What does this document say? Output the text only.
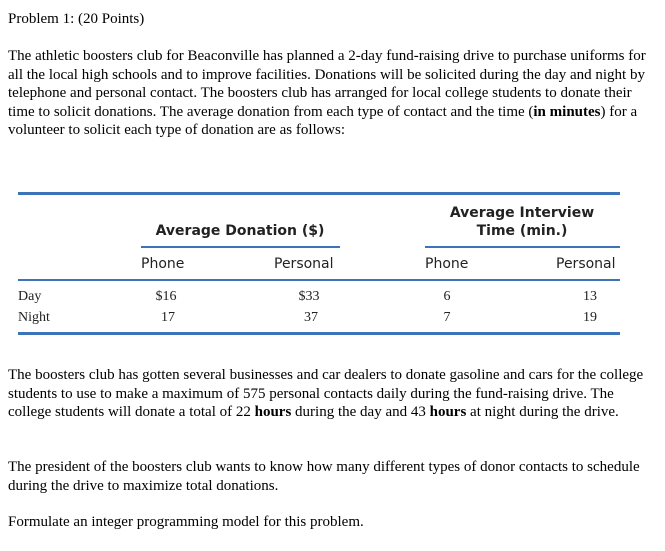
Problem 1: (20 Points)

The athletic boosters club for Beaconville has planned a 2-day fund-raising drive to purchase uniforms for all the local high schools and to improve facilities. Donations will be solicited during the day and night by telephone and personal contact. The boosters club has arranged for local college students to donate their time to solicit donations. The average donation from each type of contact and the time (in minutes) for a volunteer to solicit each type of donation are as follows:

Average Donation ($)
Average Interview
Time (min.)
Phone	Personal	Phone	Personal
Day	$16	$33	6	13
Night	17	37	7	19

The boosters club has gotten several businesses and car dealers to donate gasoline and cars for the college students to use to make a maximum of 575 personal contacts daily during the fund-raising drive. The college students will donate a total of 22 hours during the day and 43 hours at night during the drive.

The president of the boosters club wants to know how many different types of donor contacts to schedule during the drive to maximize total donations.

Formulate an integer programming model for this problem.
